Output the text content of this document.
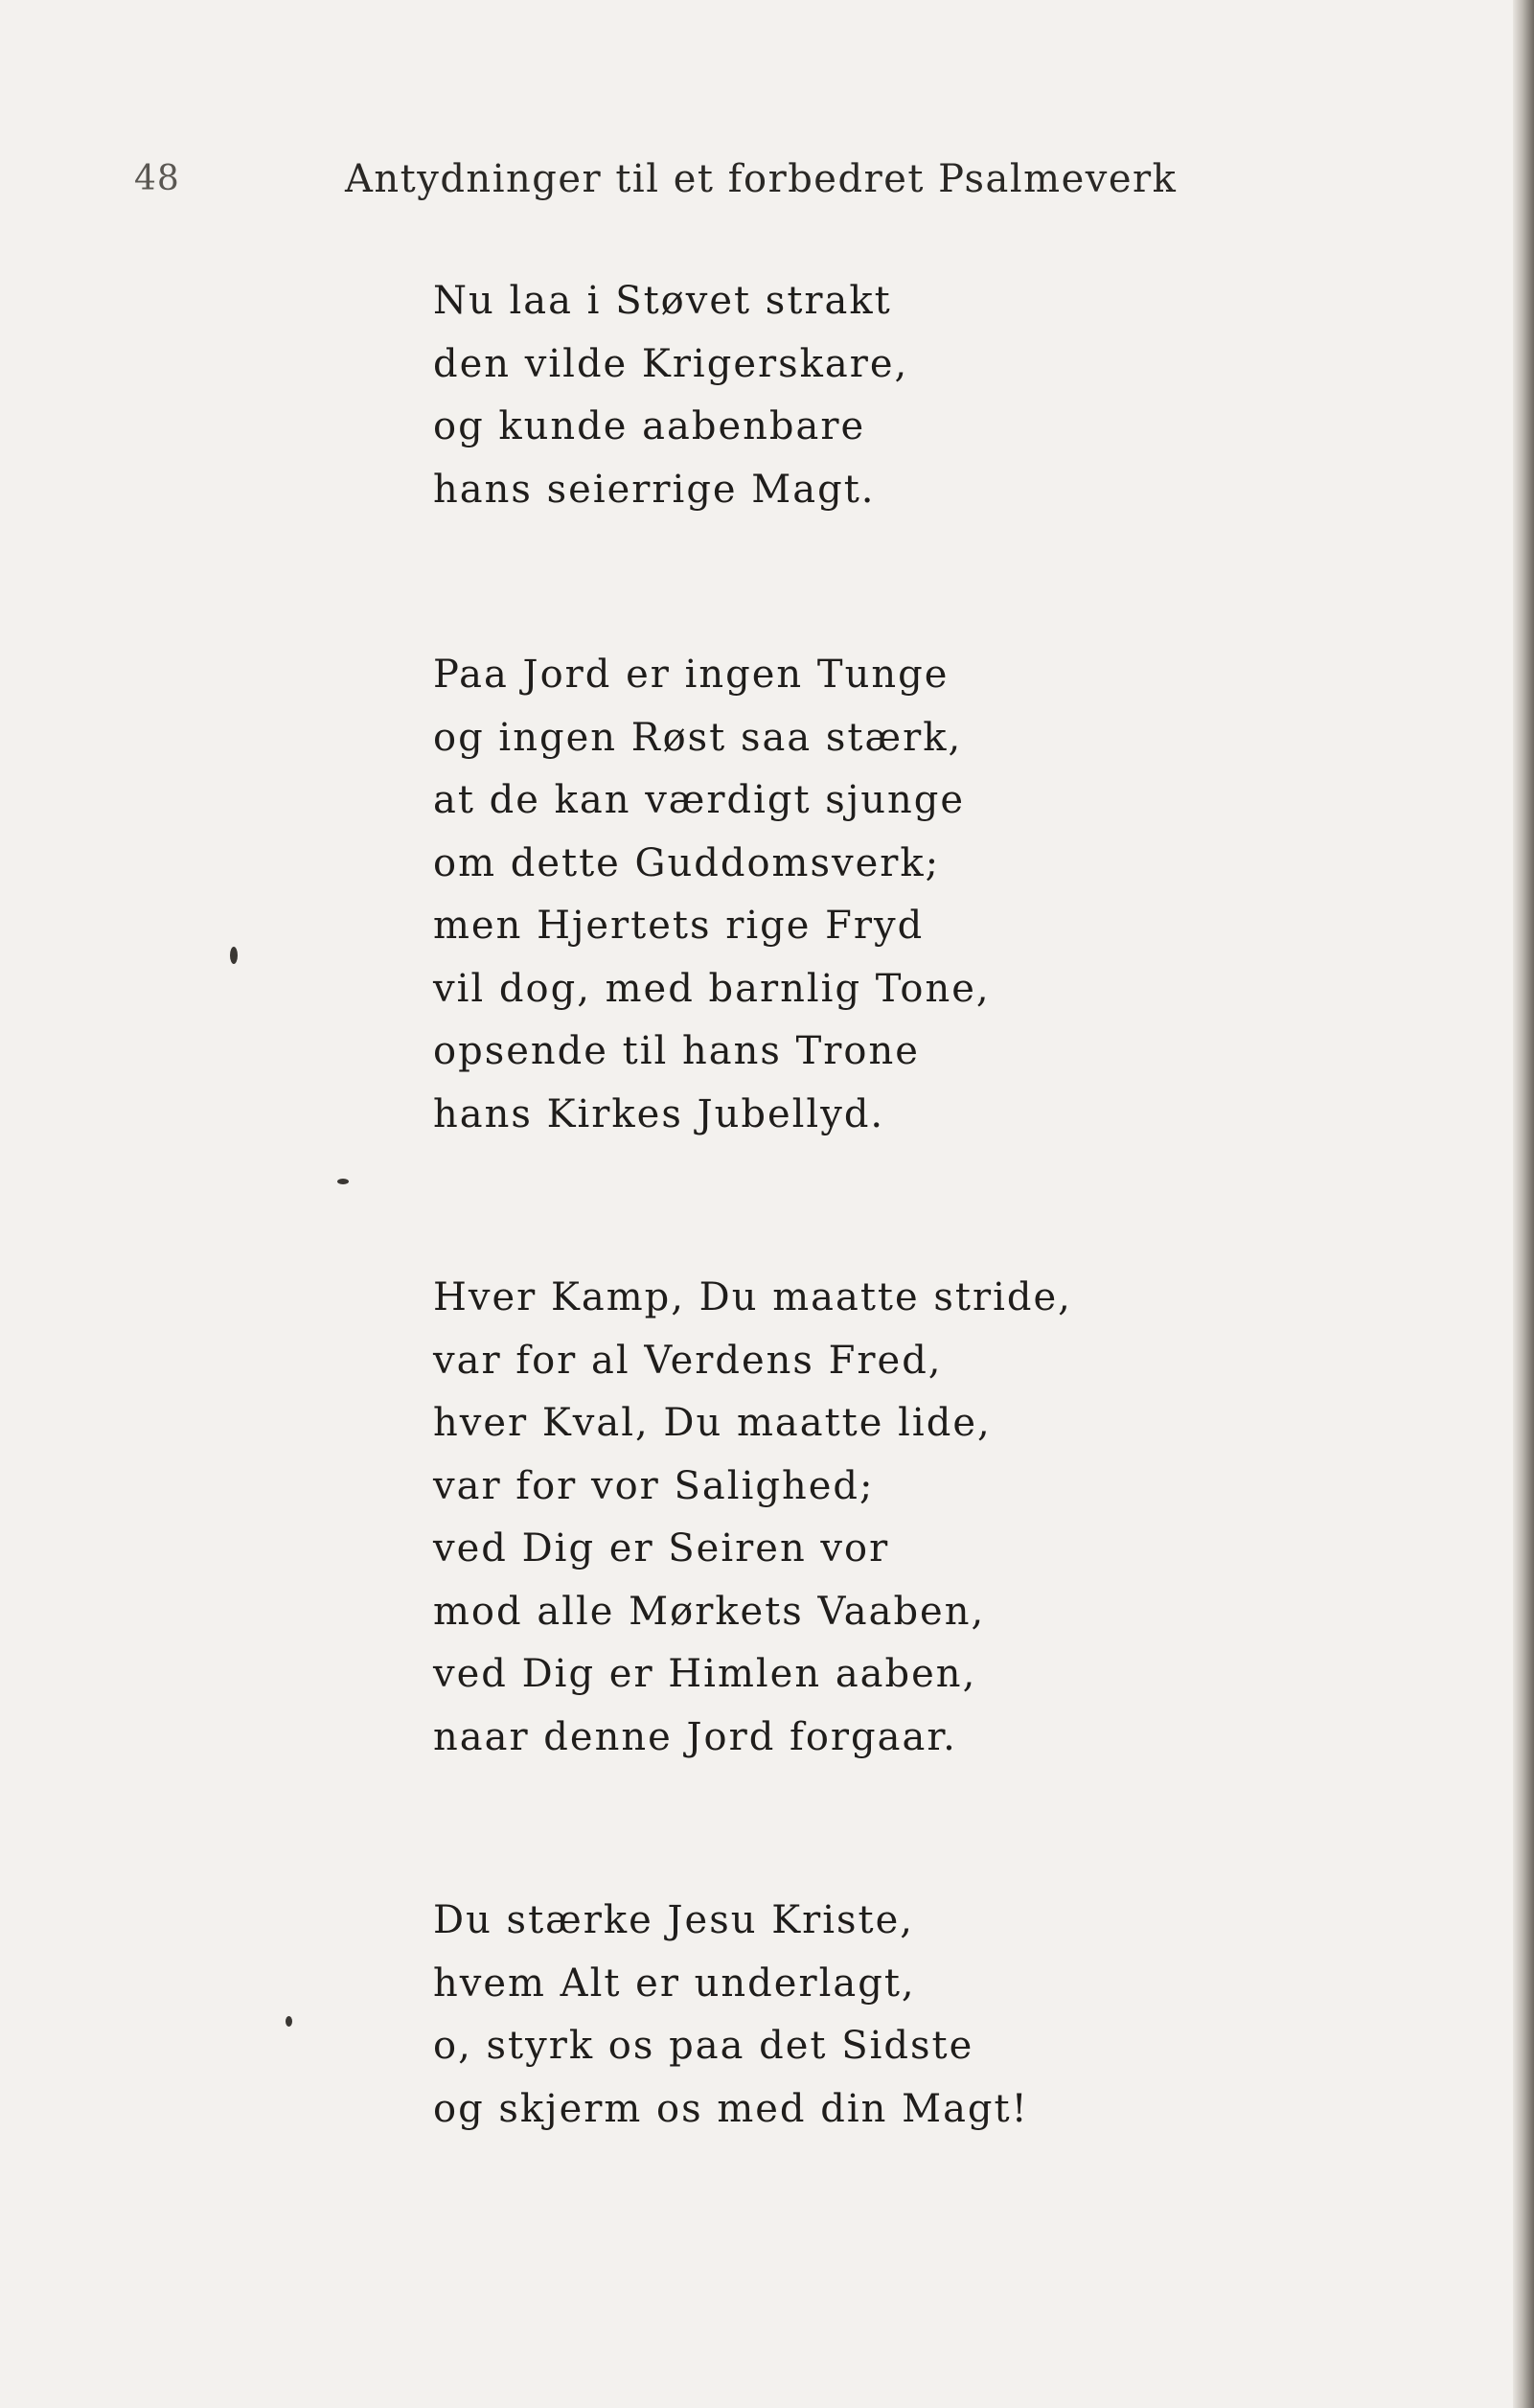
48	Antydninger til et forbedret Psalmeverk
Nu laa i Støvet strakt
den vilde Krigerskare,
og kunde aabenbare
hans seierrige Magt.
Paa Jord er ingen Tunge
og ingen Røst saa stærk,
at de kan værdigt sjunge
om dette Guddomsverk;
men Hjertets rige Fryd
vil dog, med barnlig Tone,
opsende til hans Trone
hans Kirkes Jubellyd.
Hver Kamp, Du maatte stride,
var for al Verdens Fred,
hver Kval, Du maatte lide,
var for vor Salighed;
ved Dig er Seiren vor
mod alle Mørkets Vaaben,
ved Dig er Himlen aaben,
naar denne Jord forgaar.
Du stærke Jesu Kriste,
hvem Alt er underlagt,
o, styrk os paa det Sidste
og skjerm os med din Magt!
